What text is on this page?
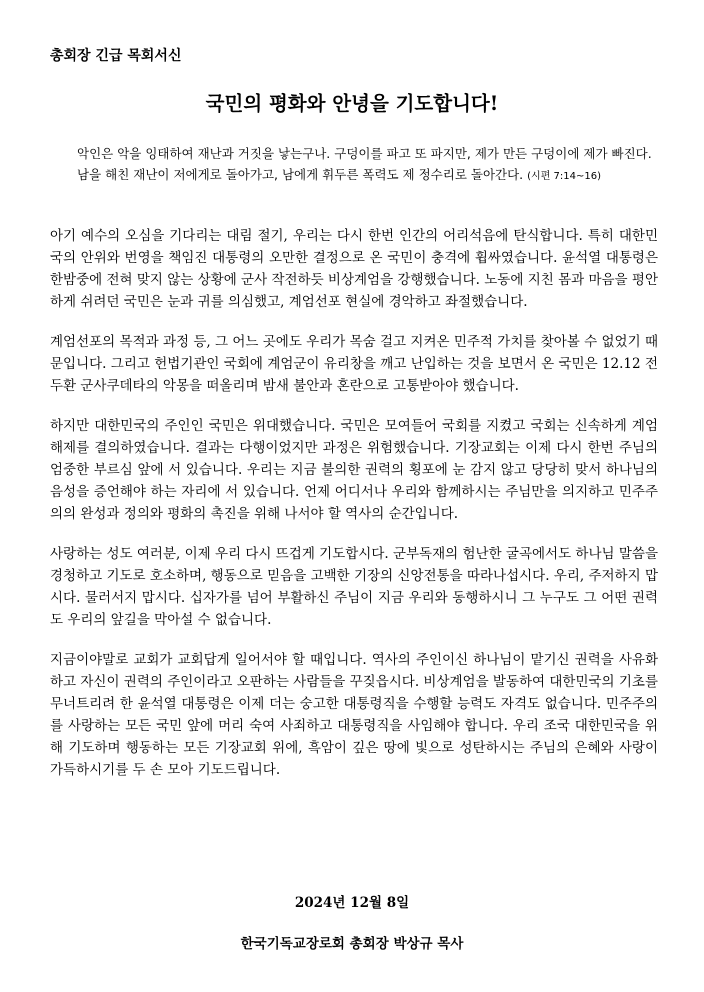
총회장 긴급 목회서신
국민의 평화와 안녕을 기도합니다!
악인은 악을 잉태하여 재난과 거짓을 낳는구나. 구덩이를 파고 또 파지만, 제가 만든 구덩이에 제가 빠진다. 남을 해친 재난이 저에게로 돌아가고, 남에게 휘두른 폭력도 제 정수리로 돌아간다. (시편 7:14~16)

아기 예수의 오심을 기다리는 대림 절기, 우리는 다시 한번 인간의 어리석음에 탄식합니다. 특히 대한민국의 안위와 번영을 책임진 대통령의 오만한 결정으로 온 국민이 충격에 휩싸였습니다. 윤석열 대통령은 한밤중에 전혀 맞지 않는 상황에 군사 작전하듯 비상계엄을 강행했습니다. 노동에 지친 몸과 마음을 평안하게 쉬려던 국민은 눈과 귀를 의심했고, 계엄선포 현실에 경악하고 좌절했습니다.

계엄선포의 목적과 과정 등, 그 어느 곳에도 우리가 목숨 걸고 지켜온 민주적 가치를 찾아볼 수 없었기 때문입니다. 그리고 헌법기관인 국회에 계엄군이 유리창을 깨고 난입하는 것을 보면서 온 국민은 12.12 전두환 군사쿠데타의 악몽을 떠올리며 밤새 불안과 혼란으로 고통받아야 했습니다.

하지만 대한민국의 주인인 국민은 위대했습니다. 국민은 모여들어 국회를 지켰고 국회는 신속하게 계엄해제를 결의하였습니다. 결과는 다행이었지만 과정은 위험했습니다. 기장교회는 이제 다시 한번 주님의 엄중한 부르심 앞에 서 있습니다. 우리는 지금 불의한 권력의 횡포에 눈 감지 않고 당당히 맞서 하나님의 음성을 증언해야 하는 자리에 서 있습니다. 언제 어디서나 우리와 함께하시는 주님만을 의지하고 민주주의의 완성과 정의와 평화의 촉진을 위해 나서야 할 역사의 순간입니다.

사랑하는 성도 여러분, 이제 우리 다시 뜨겁게 기도합시다. 군부독재의 험난한 굴곡에서도 하나님 말씀을 경청하고 기도로 호소하며, 행동으로 믿음을 고백한 기장의 신앙전통을 따라나섭시다. 우리, 주저하지 맙시다. 물러서지 맙시다. 십자가를 넘어 부활하신 주님이 지금 우리와 동행하시니 그 누구도 그 어떤 권력도 우리의 앞길을 막아설 수 없습니다.

지금이야말로 교회가 교회답게 일어서야 할 때입니다. 역사의 주인이신 하나님이 맡기신 권력을 사유화하고 자신이 권력의 주인이라고 오판하는 사람들을 꾸짖읍시다. 비상계엄을 발동하여 대한민국의 기초를 무너트리려 한 윤석열 대통령은 이제 더는 숭고한 대통령직을 수행할 능력도 자격도 없습니다. 민주주의를 사랑하는 모든 국민 앞에 머리 숙여 사죄하고 대통령직을 사임해야 합니다. 우리 조국 대한민국을 위해 기도하며 행동하는 모든 기장교회 위에, 흑암이 깊은 땅에 빛으로 성탄하시는 주님의 은혜와 사랑이 가득하시기를 두 손 모아 기도드립니다.

2024년 12월 8일
한국기독교장로회 총회장 박상규 목사
